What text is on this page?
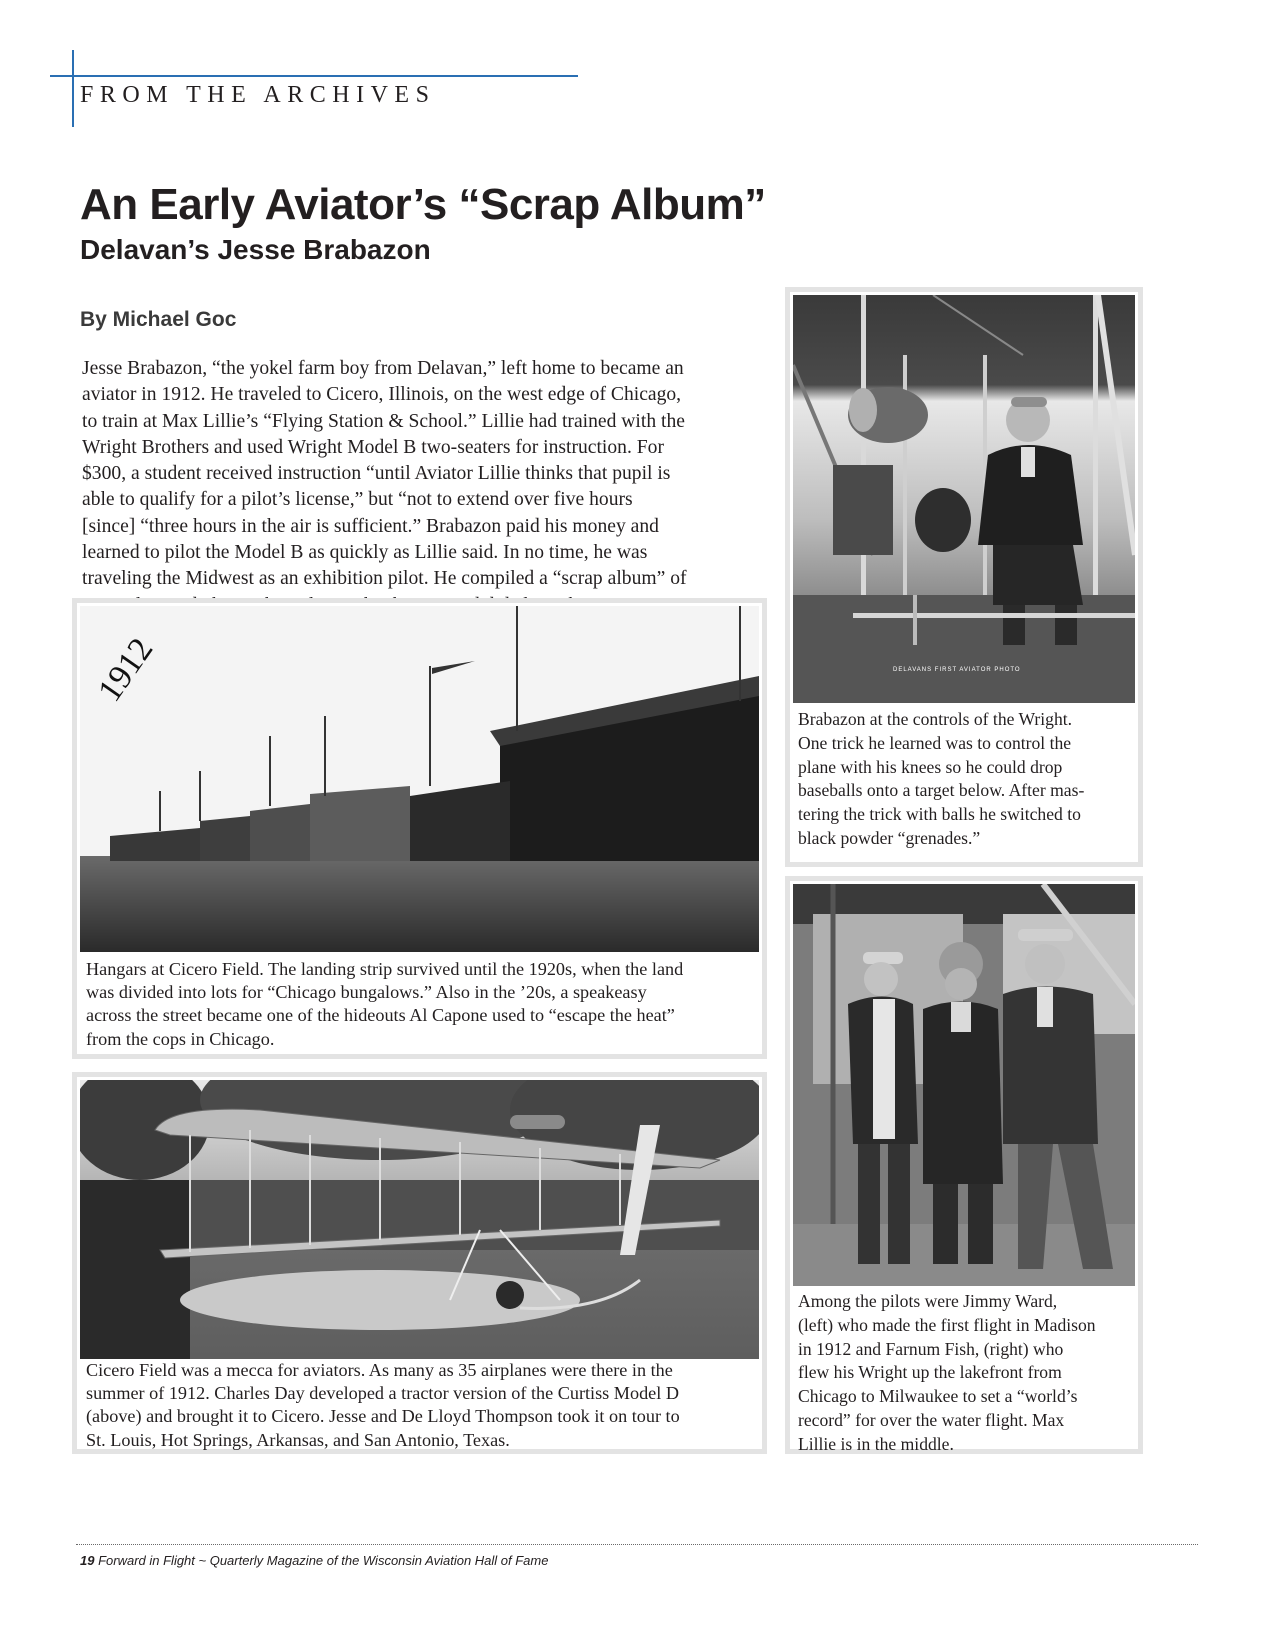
FROM THE ARCHIVES
An Early Aviator’s “Scrap Album”
Delavan’s Jesse Brabazon
By Michael Goc

Jesse Brabazon, “the yokel farm boy from Delavan,” left home to became an
aviator in 1912. He traveled to Cicero, Illinois, on the west edge of Chicago,
to train at Max Lillie’s “Flying Station & School.” Lillie had trained with the
Wright Brothers and used Wright Model B two-seaters for instruction. For
$300, a student received instruction “until Aviator Lillie thinks that pupil is
able to qualify for a pilot’s license,” but “not to extend over five hours
[since] “three hours in the air is sufficient.” Brabazon paid his money and
learned to pilot the Model B as quickly as Lillie said. In no time, he was
traveling the Midwest as an exhibition pilot. He compiled a “scrap album” of

DELAVANS FIRST AVIATOR PHOTO
Brabazon at the controls of the Wright.
One trick he learned was to control the
plane with his knees so he could drop
baseballs onto a target below. After mas-
tering the trick with balls he switched to
black powder “grenades.”
1912
Hangars at Cicero Field. The landing strip survived until the 1920s, when the land
was divided into lots for “Chicago bungalows.” Also in the ’20s, a speakeasy
across the street became one of the hideouts Al Capone used to “escape the heat”
from the cops in Chicago.
Among the pilots were Jimmy Ward,
(left) who made the first flight in Madison
in 1912 and Farnum Fish, (right) who
flew his Wright up the lakefront from
Chicago to Milwaukee to set a “world’s
record” for over the water flight. Max
Lillie is in the middle.
Cicero Field was a mecca for aviators. As many as 35 airplanes were there in the
summer of 1912. Charles Day developed a tractor version of the Curtiss Model D
(above) and brought it to Cicero. Jesse and De Lloyd Thompson took it on tour to
St. Louis, Hot Springs, Arkansas, and San Antonio, Texas.
19 Forward in Flight ~ Quarterly Magazine of the Wisconsin Aviation Hall of Fame
